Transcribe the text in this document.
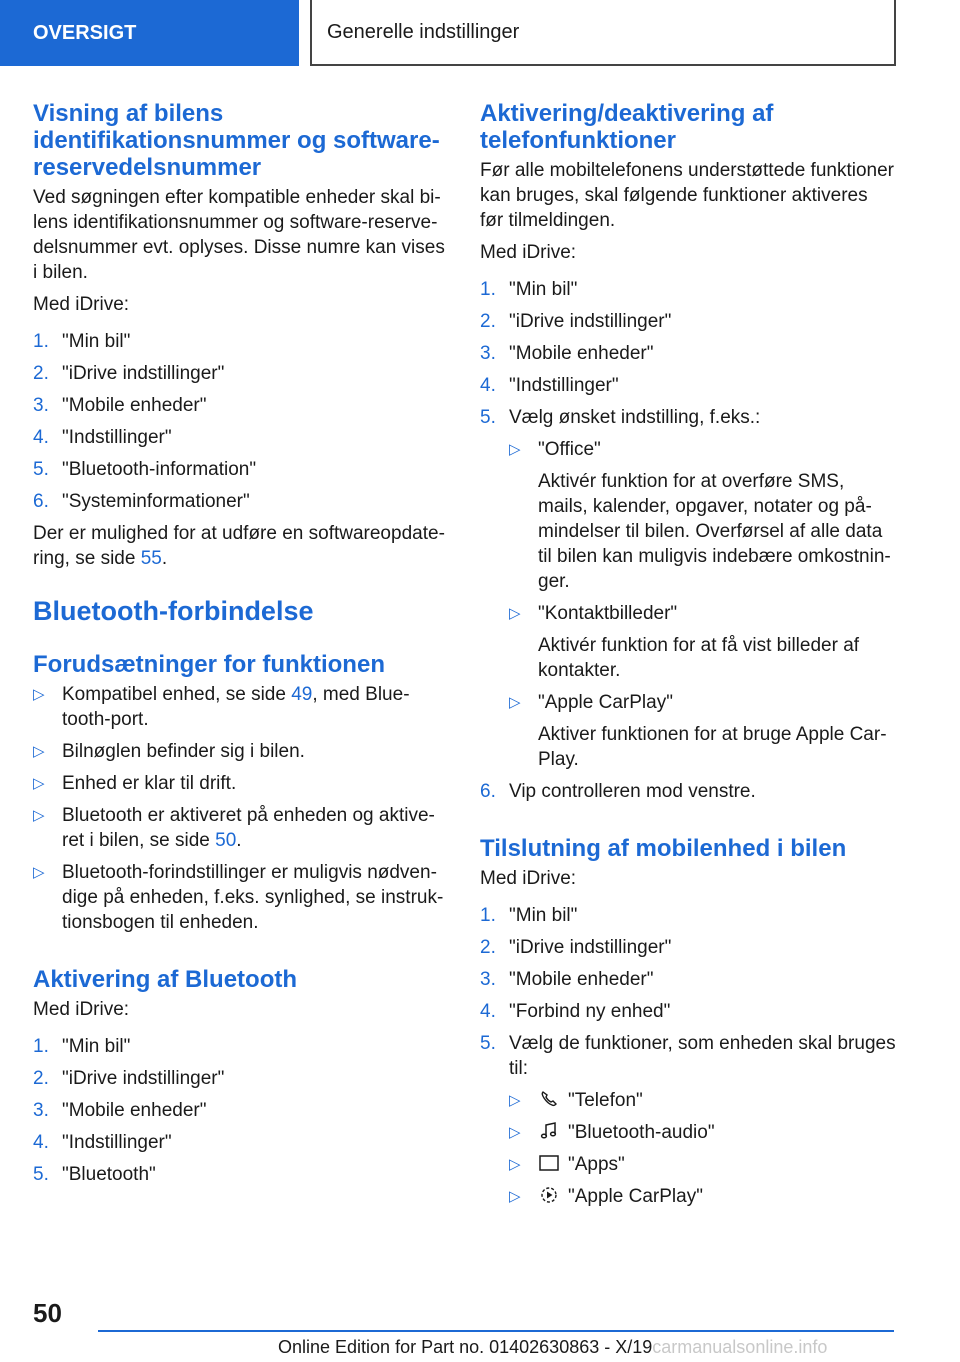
OVERSIGT	Generelle indstillinger
Visning af bilens identifikationsnummer og softwarereservedelsnummer

Ved søgningen efter kompatible enheder skal bilens identifikationsnummer og software-reservedelsnummer evt. oplyses. Disse numre kan vises i bilen.

Med iDrive:

1. "Min bil"
2. "iDrive indstillinger"
3. "Mobile enheder"
4. "Indstillinger"
5. "Bluetooth-information"
6. "Systeminformationer"

Der er mulighed for at udføre en softwareopdatering, se side 55.

Bluetooth-forbindelse
Forudsætninger for funktionen
▷ Kompatibel enhed, se side 49, med Bluetooth-port.
▷ Bilnøglen befinder sig i bilen.
▷ Enhed er klar til drift.
▷ Bluetooth er aktiveret på enheden og aktiveret i bilen, se side 50.
▷ Bluetooth-forindstillinger er muligvis nødvendige på enheden, f.eks. synlighed, se instruktionsbogen til enheden.
Aktivering af Bluetooth

Med iDrive:

1. "Min bil"
2. "iDrive indstillinger"
3. "Mobile enheder"
4. "Indstillinger"
5. "Bluetooth"
Aktivering/deaktivering af telefonfunktioner

Før alle mobiltelefonens understøttede funktioner kan bruges, skal følgende funktioner aktiveres før tilmeldingen.

Med iDrive:

1. "Min bil"
2. "iDrive indstillinger"
3. "Mobile enheder"
4. "Indstillinger"
5. Vælg ønsket indstilling, f.eks.:
▷ "Office"

Aktivér funktion for at overføre SMS, mails, kalender, opgaver, notater og påmindelser til bilen. Overførsel af alle data til bilen kan muligvis indebære omkostninger.

▷ "Kontaktbilleder"

Aktivér funktion for at få vist billeder af kontakter.

▷ "Apple CarPlay"

Aktiver funktionen for at bruge Apple CarPlay.

6. Vip controlleren mod venstre.
Tilslutning af mobilenhed i bilen

Med iDrive:

1. "Min bil"
2. "iDrive indstillinger"
3. "Mobile enheder"
4. "Forbind ny enhed"
5. Vælg de funktioner, som enheden skal bruges til:
▷ "Telefon"
▷ "Bluetooth-audio"
▷ "Apps"
▷ "Apple CarPlay"
50
Online Edition for Part no. 01402630863 - X/19carmanualsonline.info
